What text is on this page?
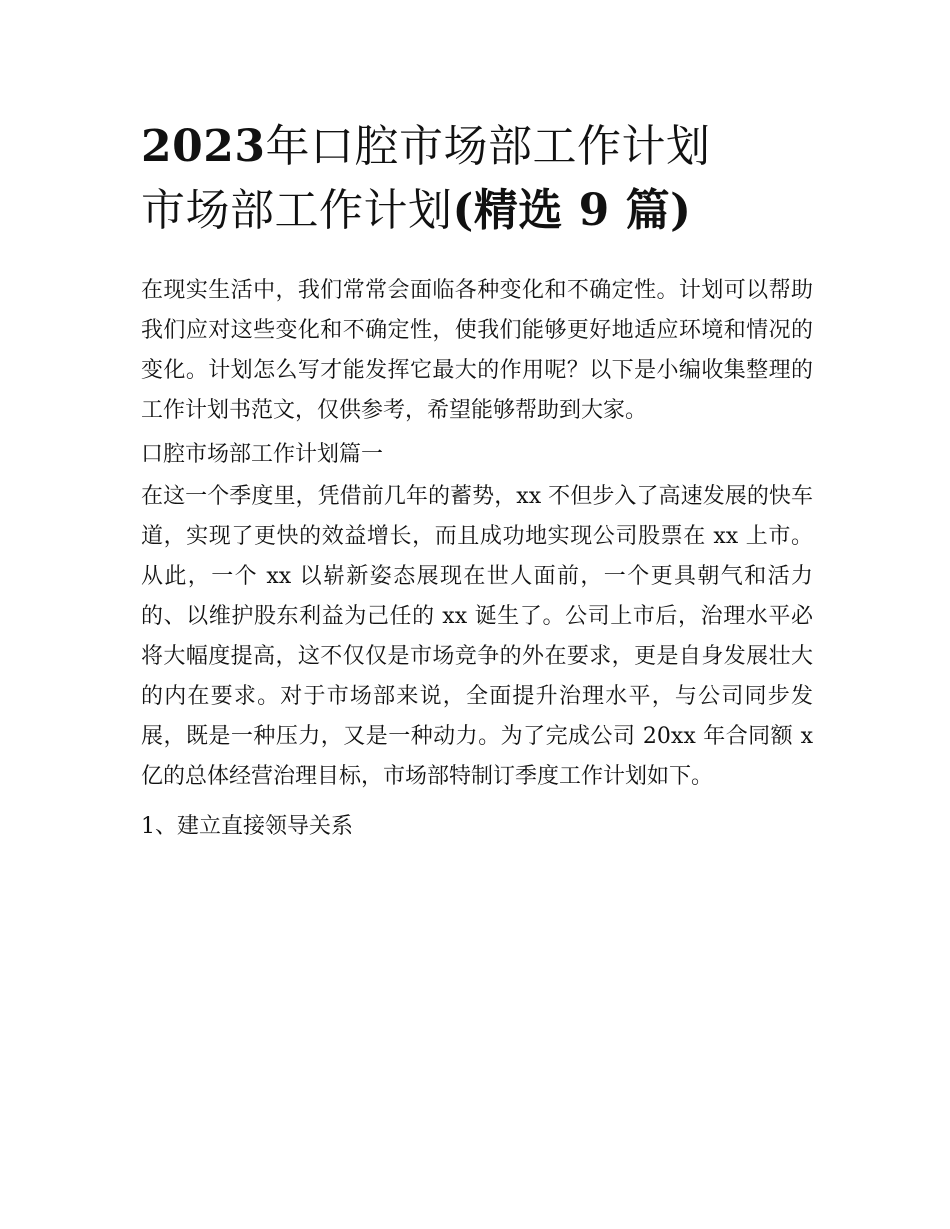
2023年口腔市场部工作计划
市场部工作计划(精选 9 篇)

在现实生活中，我们常常会面临各种变化和不确定性。计划可以帮助我们应对这些变化和不确定性，使我们能够更好地适应环境和情况的变化。计划怎么写才能发挥它最大的作用呢？以下是小编收集整理的工作计划书范文，仅供参考，希望能够帮助到大家。

口腔市场部工作计划篇一

在这一个季度里，凭借前几年的蓄势，xx 不但步入了高速发展的快车道，实现了更快的效益增长，而且成功地实现公司股票在 xx 上市。从此，一个 xx 以崭新姿态展现在世人面前，一个更具朝气和活力的、以维护股东利益为己任的 xx 诞生了。公司上市后，治理水平必将大幅度提高，这不仅仅是市场竞争的外在要求，更是自身发展壮大的内在要求。对于市场部来说，全面提升治理水平，与公司同步发展，既是一种压力，又是一种动力。为了完成公司 20xx 年合同额 x 亿的总体经营治理目标，市场部特制订季度工作计划如下。

1、建立直接领导关系
